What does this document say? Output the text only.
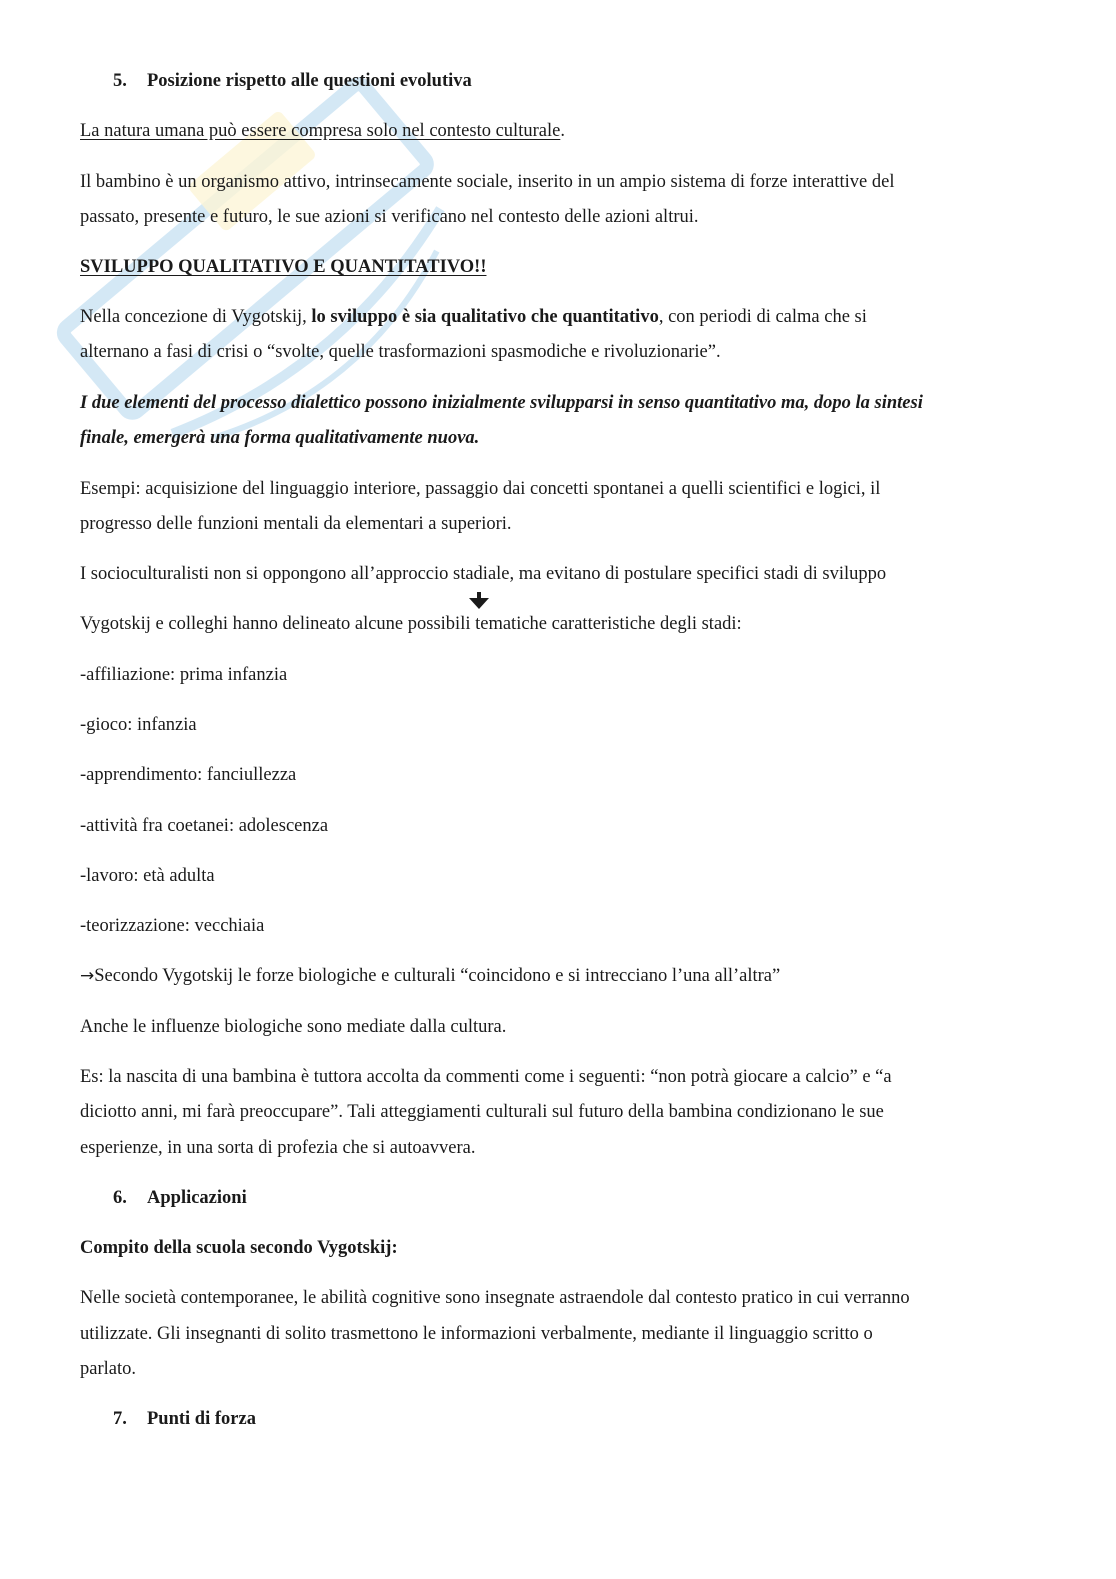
5. Posizione rispetto alle questioni evolutiva
La natura umana può essere compresa solo nel contesto culturale.
Il bambino è un organismo attivo, intrinsecamente sociale, inserito in un ampio sistema di forze interattive del
passato, presente e futuro, le sue azioni si verificano nel contesto delle azioni altrui.
SVILUPPO QUALITATIVO E QUANTITATIVO!!
Nella concezione di Vygotskij, lo sviluppo è sia qualitativo che quantitativo, con periodi di calma che si
alternano a fasi di crisi o “svolte, quelle trasformazioni spasmodiche e rivoluzionarie”.
I due elementi del processo dialettico possono inizialmente svilupparsi in senso quantitativo ma, dopo la sintesi
finale, emergerà una forma qualitativamente nuova.
Esempi: acquisizione del linguaggio interiore, passaggio dai concetti spontanei a quelli scientifici e logici, il
progresso delle funzioni mentali da elementari a superiori.
I socioculturalisti non si oppongono all’approccio stadiale, ma evitano di postulare specifici stadi di sviluppo
Vygotskij e colleghi hanno delineato alcune possibili tematiche caratteristiche degli stadi:
-affiliazione: prima infanzia
-gioco: infanzia
-apprendimento: fanciullezza
-attività fra coetanei: adolescenza
-lavoro: età adulta
-teorizzazione: vecchiaia
→Secondo Vygotskij le forze biologiche e culturali “coincidono e si intrecciano l’una all’altra”
Anche le influenze biologiche sono mediate dalla cultura.
Es: la nascita di una bambina è tuttora accolta da commenti come i seguenti: “non potrà giocare a calcio” e “a
diciotto anni, mi farà preoccupare”. Tali atteggiamenti culturali sul futuro della bambina condizionano le sue
esperienze, in una sorta di profezia che si autoavvera.
6. Applicazioni
Compito della scuola secondo Vygotskij:
Nelle società contemporanee, le abilità cognitive sono insegnate astraendole dal contesto pratico in cui verranno
utilizzate. Gli insegnanti di solito trasmettono le informazioni verbalmente, mediante il linguaggio scritto o
parlato.
7. Punti di forza
